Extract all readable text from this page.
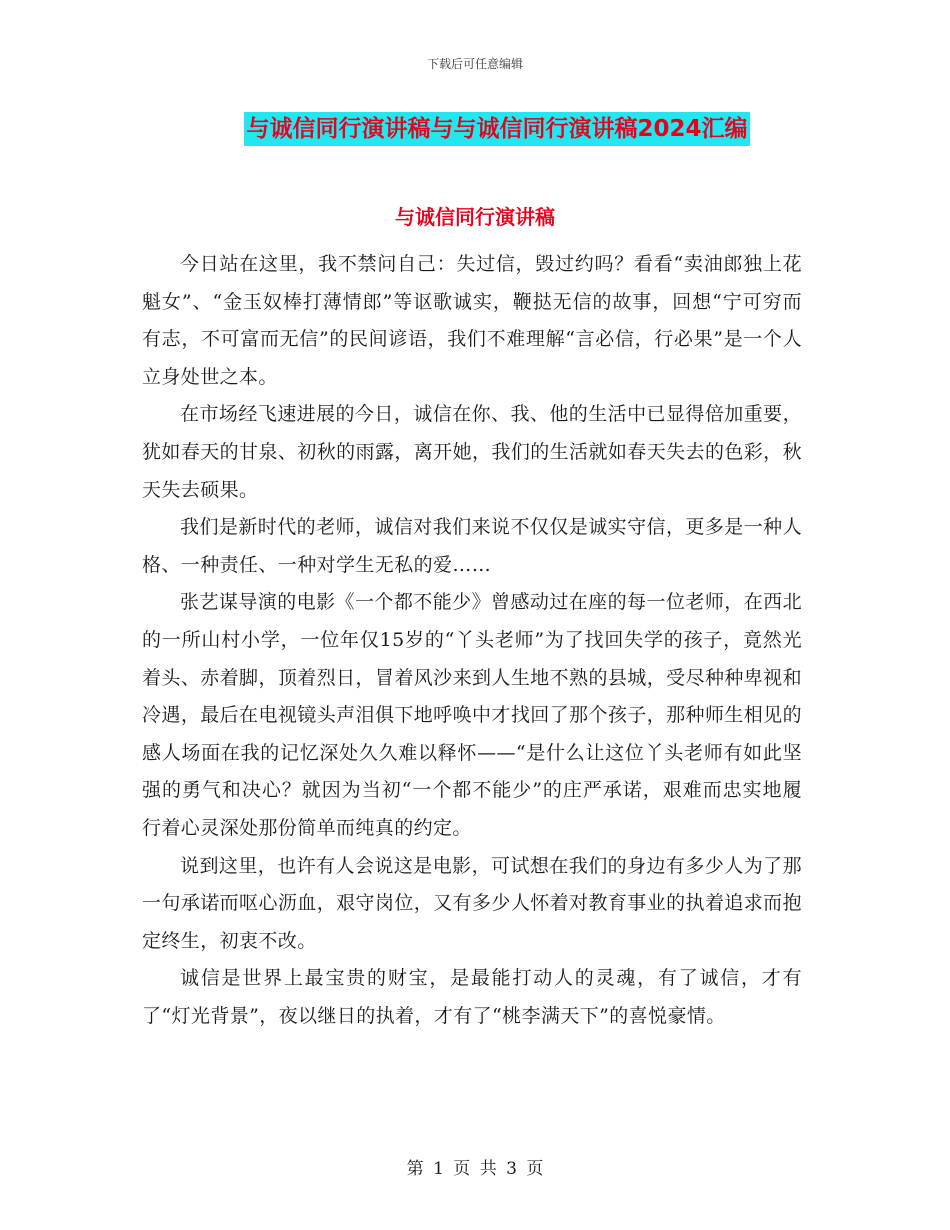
下载后可任意编辑
与诚信同行演讲稿与与诚信同行演讲稿2024汇编
与诚信同行演讲稿

今日站在这里，我不禁问自己：失过信，毁过约吗？看看“卖油郎独上花魁女”、“金玉奴棒打薄情郎”等讴歌诚实，鞭挞无信的故事，回想“宁可穷而有志，不可富而无信”的民间谚语，我们不难理解“言必信，行必果”是一个人立身处世之本。

在市场经飞速进展的今日，诚信在你、我、他的生活中已显得倍加重要，犹如春天的甘泉、初秋的雨露，离开她，我们的生活就如春天失去的色彩，秋天失去硕果。

我们是新时代的老师，诚信对我们来说不仅仅是诚实守信，更多是一种人格、一种责任、一种对学生无私的爱……

张艺谋导演的电影《一个都不能少》曾感动过在座的每一位老师，在西北的一所山村小学，一位年仅15岁的“丫头老师”为了找回失学的孩子，竟然光着头、赤着脚，顶着烈日，冒着风沙来到人生地不熟的县城，受尽种种卑视和冷遇，最后在电视镜头声泪俱下地呼唤中才找回了那个孩子，那种师生相见的感人场面在我的记忆深处久久难以释怀——“是什么让这位丫头老师有如此坚强的勇气和决心？就因为当初“一个都不能少”的庄严承诺，艰难而忠实地履行着心灵深处那份简单而纯真的约定。

说到这里，也许有人会说这是电影，可试想在我们的身边有多少人为了那一句承诺而呕心沥血，艰守岗位，又有多少人怀着对教育事业的执着追求而抱定终生，初衷不改。

诚信是世界上最宝贵的财宝，是最能打动人的灵魂，有了诚信，才有了“灯光背景”，夜以继日的执着，才有了“桃李满天下”的喜悦豪情。

第 1 页 共 3 页
